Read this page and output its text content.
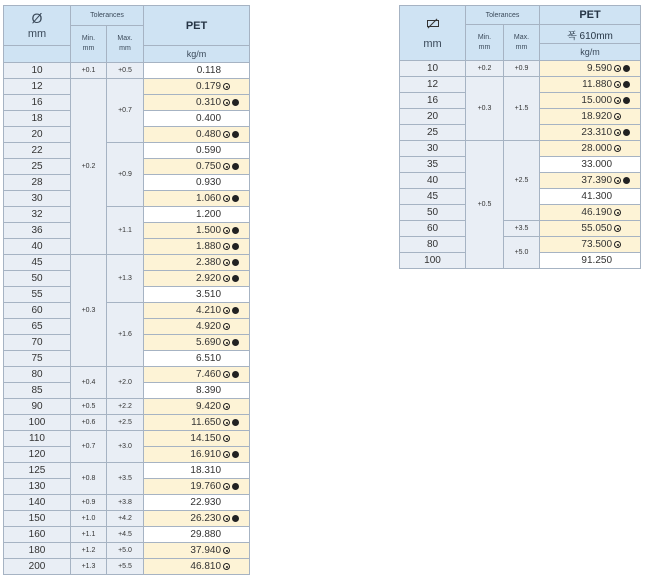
Ø
mm	Tolerances		PET
	Min.
mm	Max.
mm	
			kg/m
10	+0.1	+0.5	0.118

12	+0.2	+0.7	0.179

16			0.310

18			0.400

20			0.480

22		+0.9	0.590

25			0.750

28			0.930

30			1.060

32		+1.1	1.200

36			1.500

40			1.880

45	+0.3	+1.3	2.380

50			2.920

55			3.510

60		+1.6	4.210

65			4.920

70			5.690

75			6.510

80	+0.4	+2.0	7.460

85			8.390

90	+0.5	+2.2	9.420

100	+0.6	+2.5	11.650

110	+0.7	+3.0	14.150

120			16.910

125	+0.8	+3.5	18.310

130			19.760

140	+0.9	+3.8	22.930

150	+1.0	+4.2	26.230

160	+1.1	+4.5	29.880

180	+1.2	+5.0	37.940

200	+1.3	+5.5	46.810
mm	Tolerances		PET
	Min.
mm	Max.
mm	폭 610mm
			kg/m
10	+0.2	+0.9	9.590

12	+0.3	+1.5	11.880

16			15.000

20			18.920

25			23.310

30	+0.5	+2.5	28.000

35			33.000

40			37.390

45			41.300

50			46.190

60		+3.5	55.050

80		+5.0	73.500

100			91.250
